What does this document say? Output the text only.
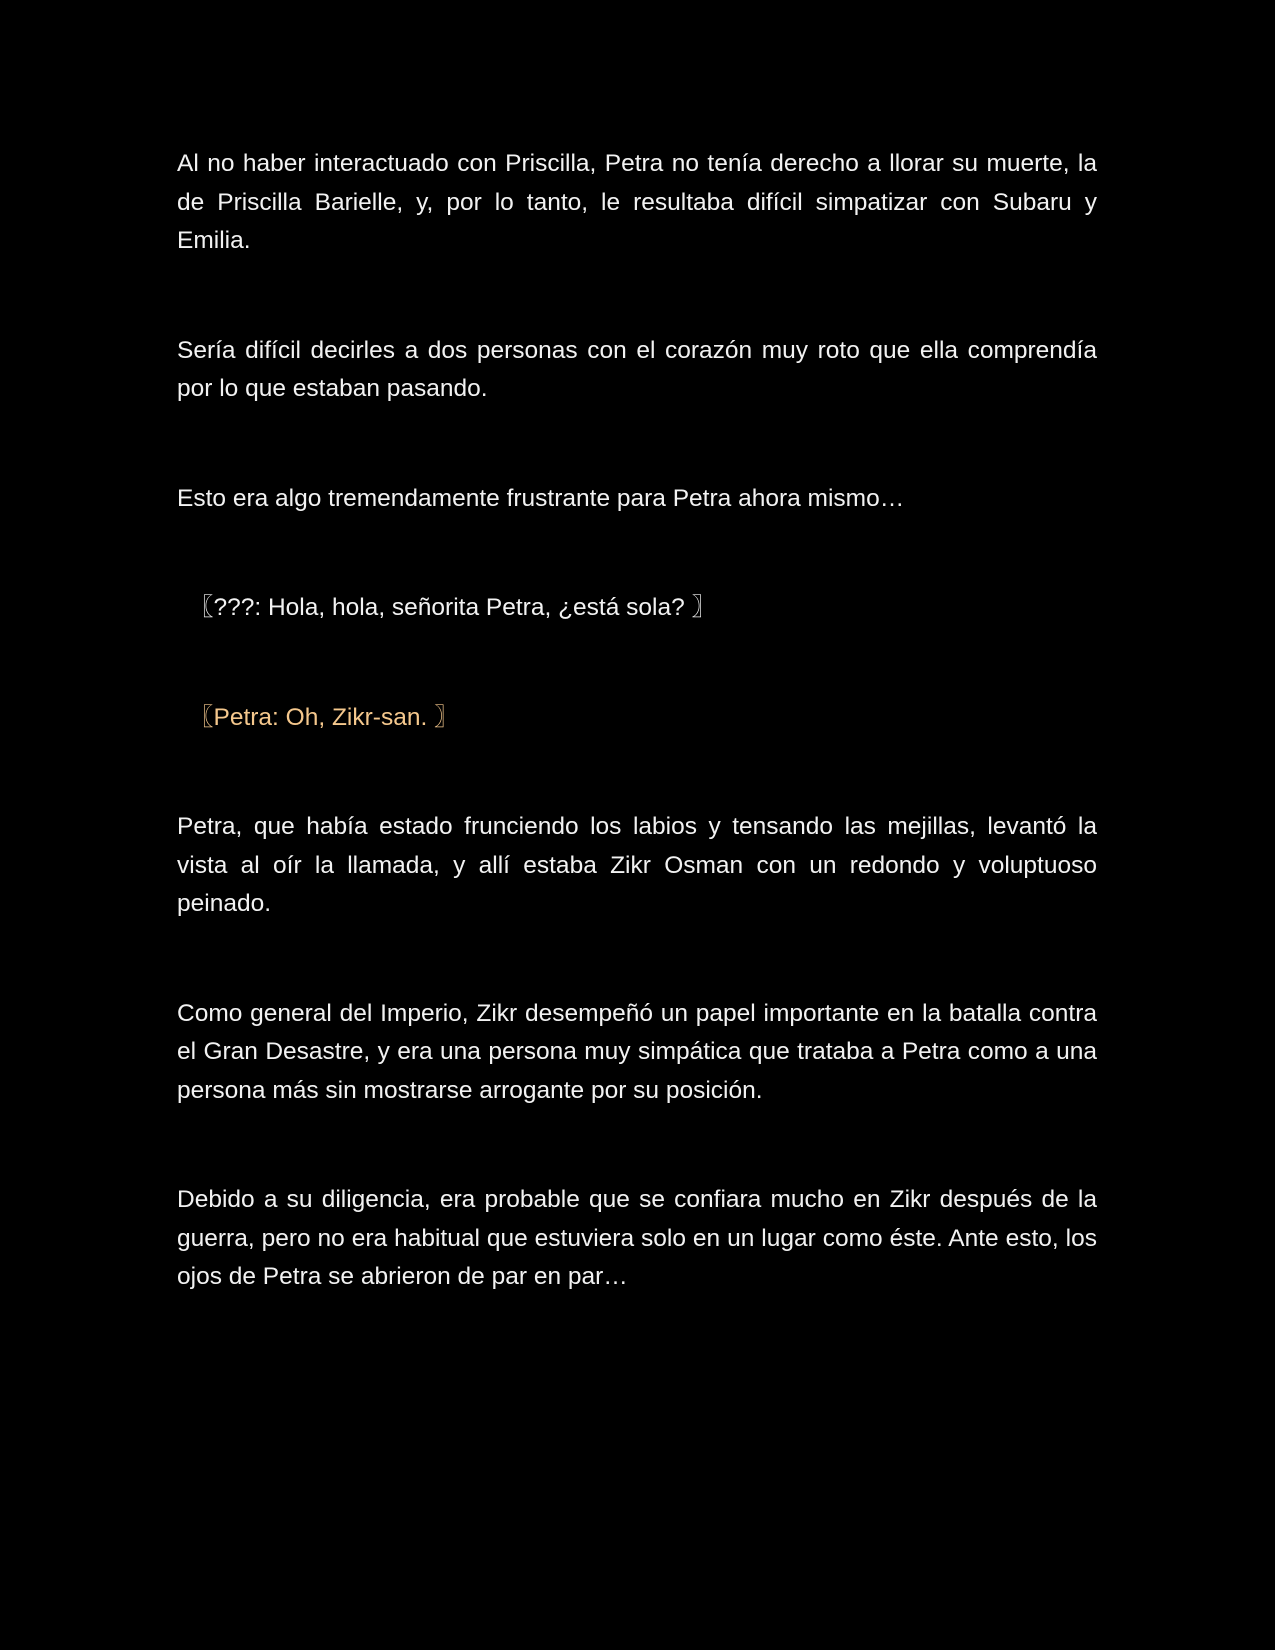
Al no haber interactuado con Priscilla, Petra no tenía derecho a llorar su muerte, la de Priscilla Barielle, y, por lo tanto, le resultaba difícil simpatizar con Subaru y Emilia.

Sería difícil decirles a dos personas con el corazón muy roto que ella comprendía por lo que estaban pasando.

Esto era algo tremendamente frustrante para Petra ahora mismo…

〖???: Hola, hola, señorita Petra, ¿está sola? 〗

〖Petra: Oh, Zikr-san. 〗

Petra, que había estado frunciendo los labios y tensando las mejillas, levantó la vista al oír la llamada, y allí estaba Zikr Osman con un redondo y voluptuoso peinado.

Como general del Imperio, Zikr desempeñó un papel importante en la batalla contra el Gran Desastre, y era una persona muy simpática que trataba a Petra como a una persona más sin mostrarse arrogante por su posición.

Debido a su diligencia, era probable que se confiara mucho en Zikr después de la guerra, pero no era habitual que estuviera solo en un lugar como éste. Ante esto, los ojos de Petra se abrieron de par en par…
